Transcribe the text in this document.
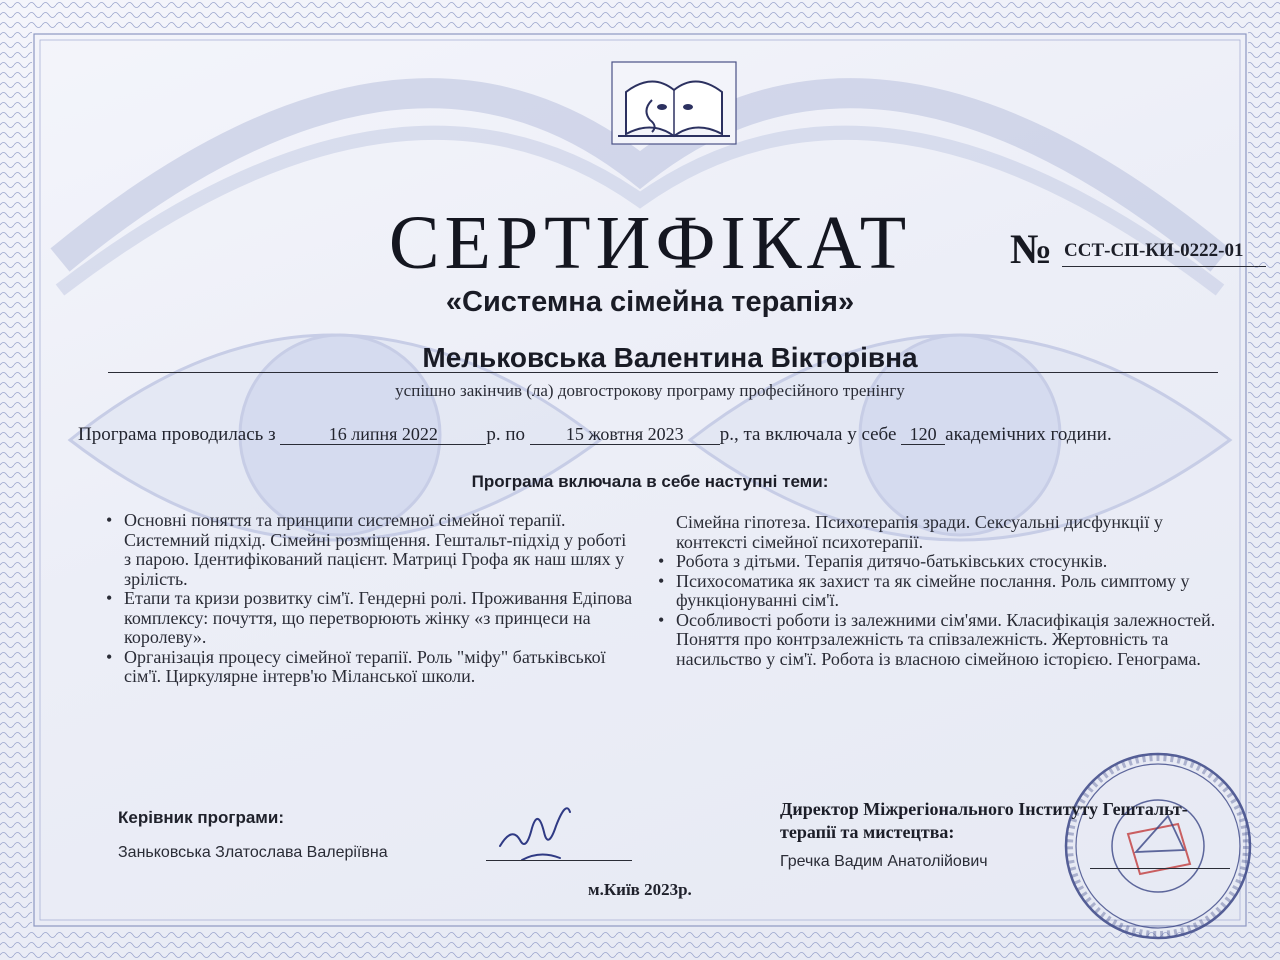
СЕРТИФІКАТ	№ ССТ-СП-КИ-0222-01
«Системна сімейна терапія»
Мельковська Валентина Вікторівна
успішно закінчив (ла) довгострокову програму професійного тренінгу
Програма проводилась з	16 липня 2022	р. по 15 жовтня 2023 р., та включала у себе 120 академічних години.
Програма включала в себе наступні теми:
• Основні поняття та принципи системної сімейної терапії. Системний підхід. Сімейні розміщення. Гештальт-підхід у роботі з парою. Ідентифікований пацієнт. Матриці Грофа як наш шлях у зрілість.
• Етапи та кризи розвитку сім'ї. Гендерні ролі. Проживання Едіпова комплексу: почуття, що перетворюють жінку «з принцеси на королеву».
• Організація процесу сімейної терапії. Роль "міфу" батьківської сім'ї. Циркулярне інтерв'ю Міланської школи.
Сімейна гіпотеза. Психотерапія зради. Сексуальні дисфункції у контексті сімейної психотерапії.
• Робота з дітьми. Терапія дитячо-батьківських стосунків.
• Психосоматика як захист та як сімейне послання. Роль симптому у функціонуванні сім'ї.
• Особливості роботи із залежними сім'ями. Класифікація залежностей. Поняття про контрзалежність та співзалежність. Жертовність та насильство у сім'ї. Робота із власною сімейною історією. Генограма.
Керівник програми:
Заньковська Златослава Валеріївна
м.Київ 2023р.
Директор Міжрегіонального Інституту Гештальт-терапії та мистецтва:
Гречка Вадим Анатолійович
